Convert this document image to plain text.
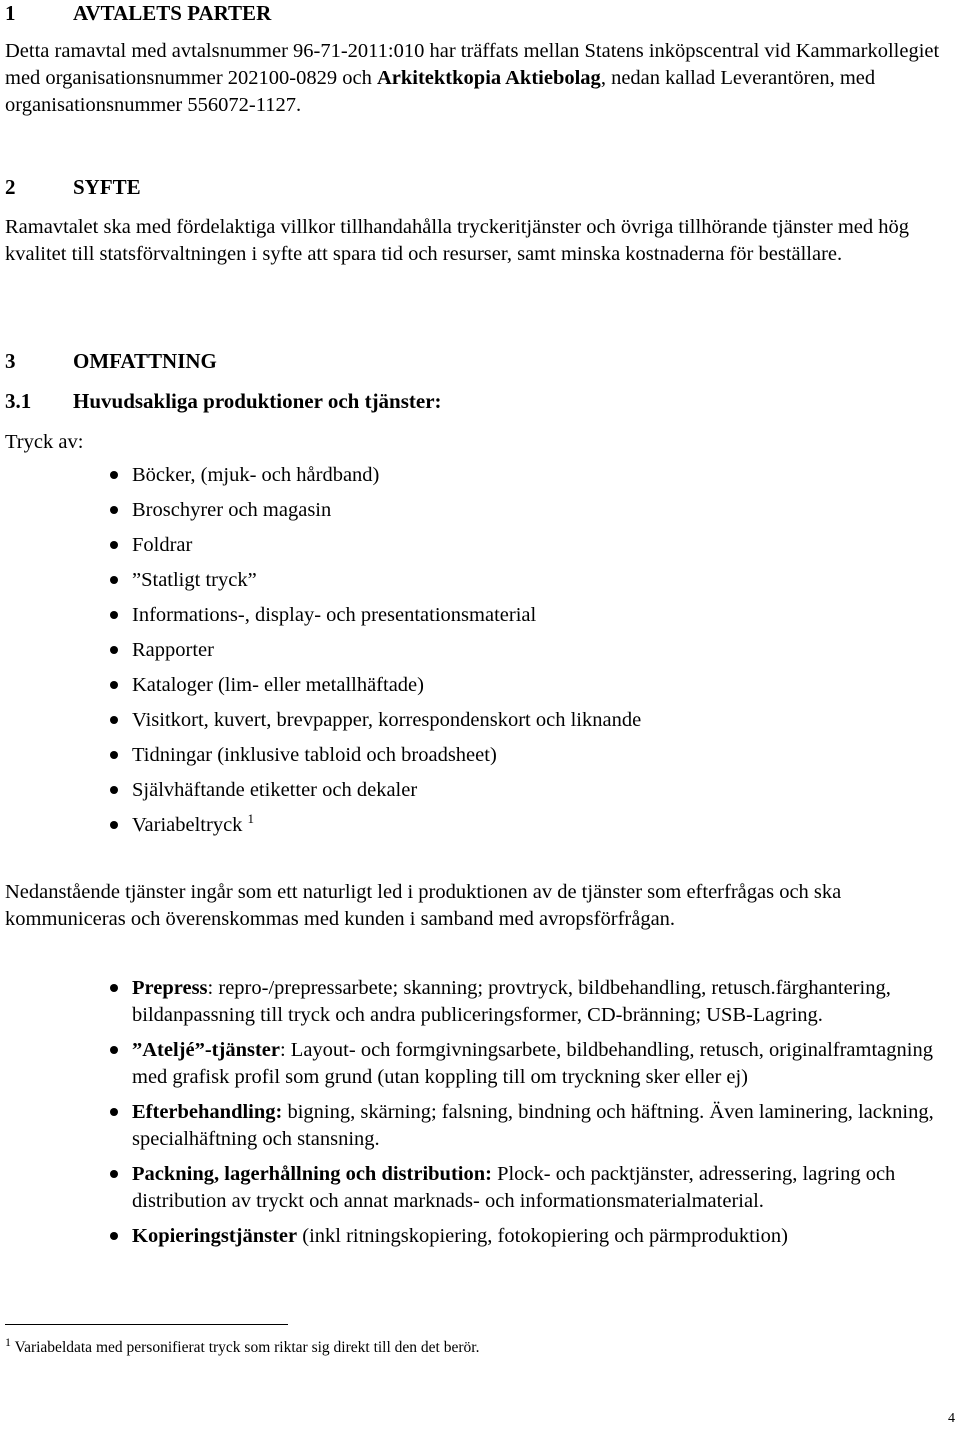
1	AVTALETS PARTER
Detta ramavtal med avtalsnummer 96-71-2011:010 har träffats mellan Statens inköpscentral vid Kammarkollegiet med organisationsnummer 202100-0829 och Arkitektkopia Aktiebolag, nedan kallad Leverantören, med organisationsnummer 556072-1127.
2	SYFTE
Ramavtalet ska med fördelaktiga villkor tillhandahålla tryckeritjänster och övriga tillhörande tjänster med hög kvalitet till statsförvaltningen i syfte att spara tid och resurser, samt minska kostnaderna för beställare.
3	OMFATTNING
3.1 Huvudsakliga produktioner och tjänster:
Tryck av:
Böcker, (mjuk- och hårdband)
Broschyrer och magasin
Foldrar
”Statligt tryck”
Informations-, display- och presentationsmaterial
Rapporter
Kataloger (lim- eller metallhäftade)
Visitkort, kuvert, brevpapper, korrespondenskort och liknande
Tidningar (inklusive tabloid och broadsheet)
Självhäftande etiketter och dekaler
Variabeltryck $^1$
Nedanstående tjänster ingår som ett naturligt led i produktionen av de tjänster som efterfrågas och ska kommuniceras och överenskommas med kunden i samband med avropsförfrågan.
Prepress: repro-/prepressarbete; skanning; provtryck, bildbehandling, retusch.färghantering, bildanpassning till tryck och andra publiceringsformer, CD-bränning; USB-Lagring.
”Ateljé”-tjänster: Layout- och formgivningsarbete, bildbehandling, retusch, originalframtagning med grafisk profil som grund (utan koppling till om tryckning sker eller ej)
Efterbehandling: bigning, skärning; falsning, bindning och häftning. Även laminering, lackning, specialhäftning och stansning.
Packning, lagerhållning och distribution: Plock- och packtjänster, adressering, lagring och distribution av tryckt och annat marknads- och informationsmaterialmaterial.
Kopieringstjänster (inkl ritningskopiering, fotokopiering och pärmproduktion)
$^1$ Variabeldata med personifierat tryck som riktar sig direkt till den det berör.
4
